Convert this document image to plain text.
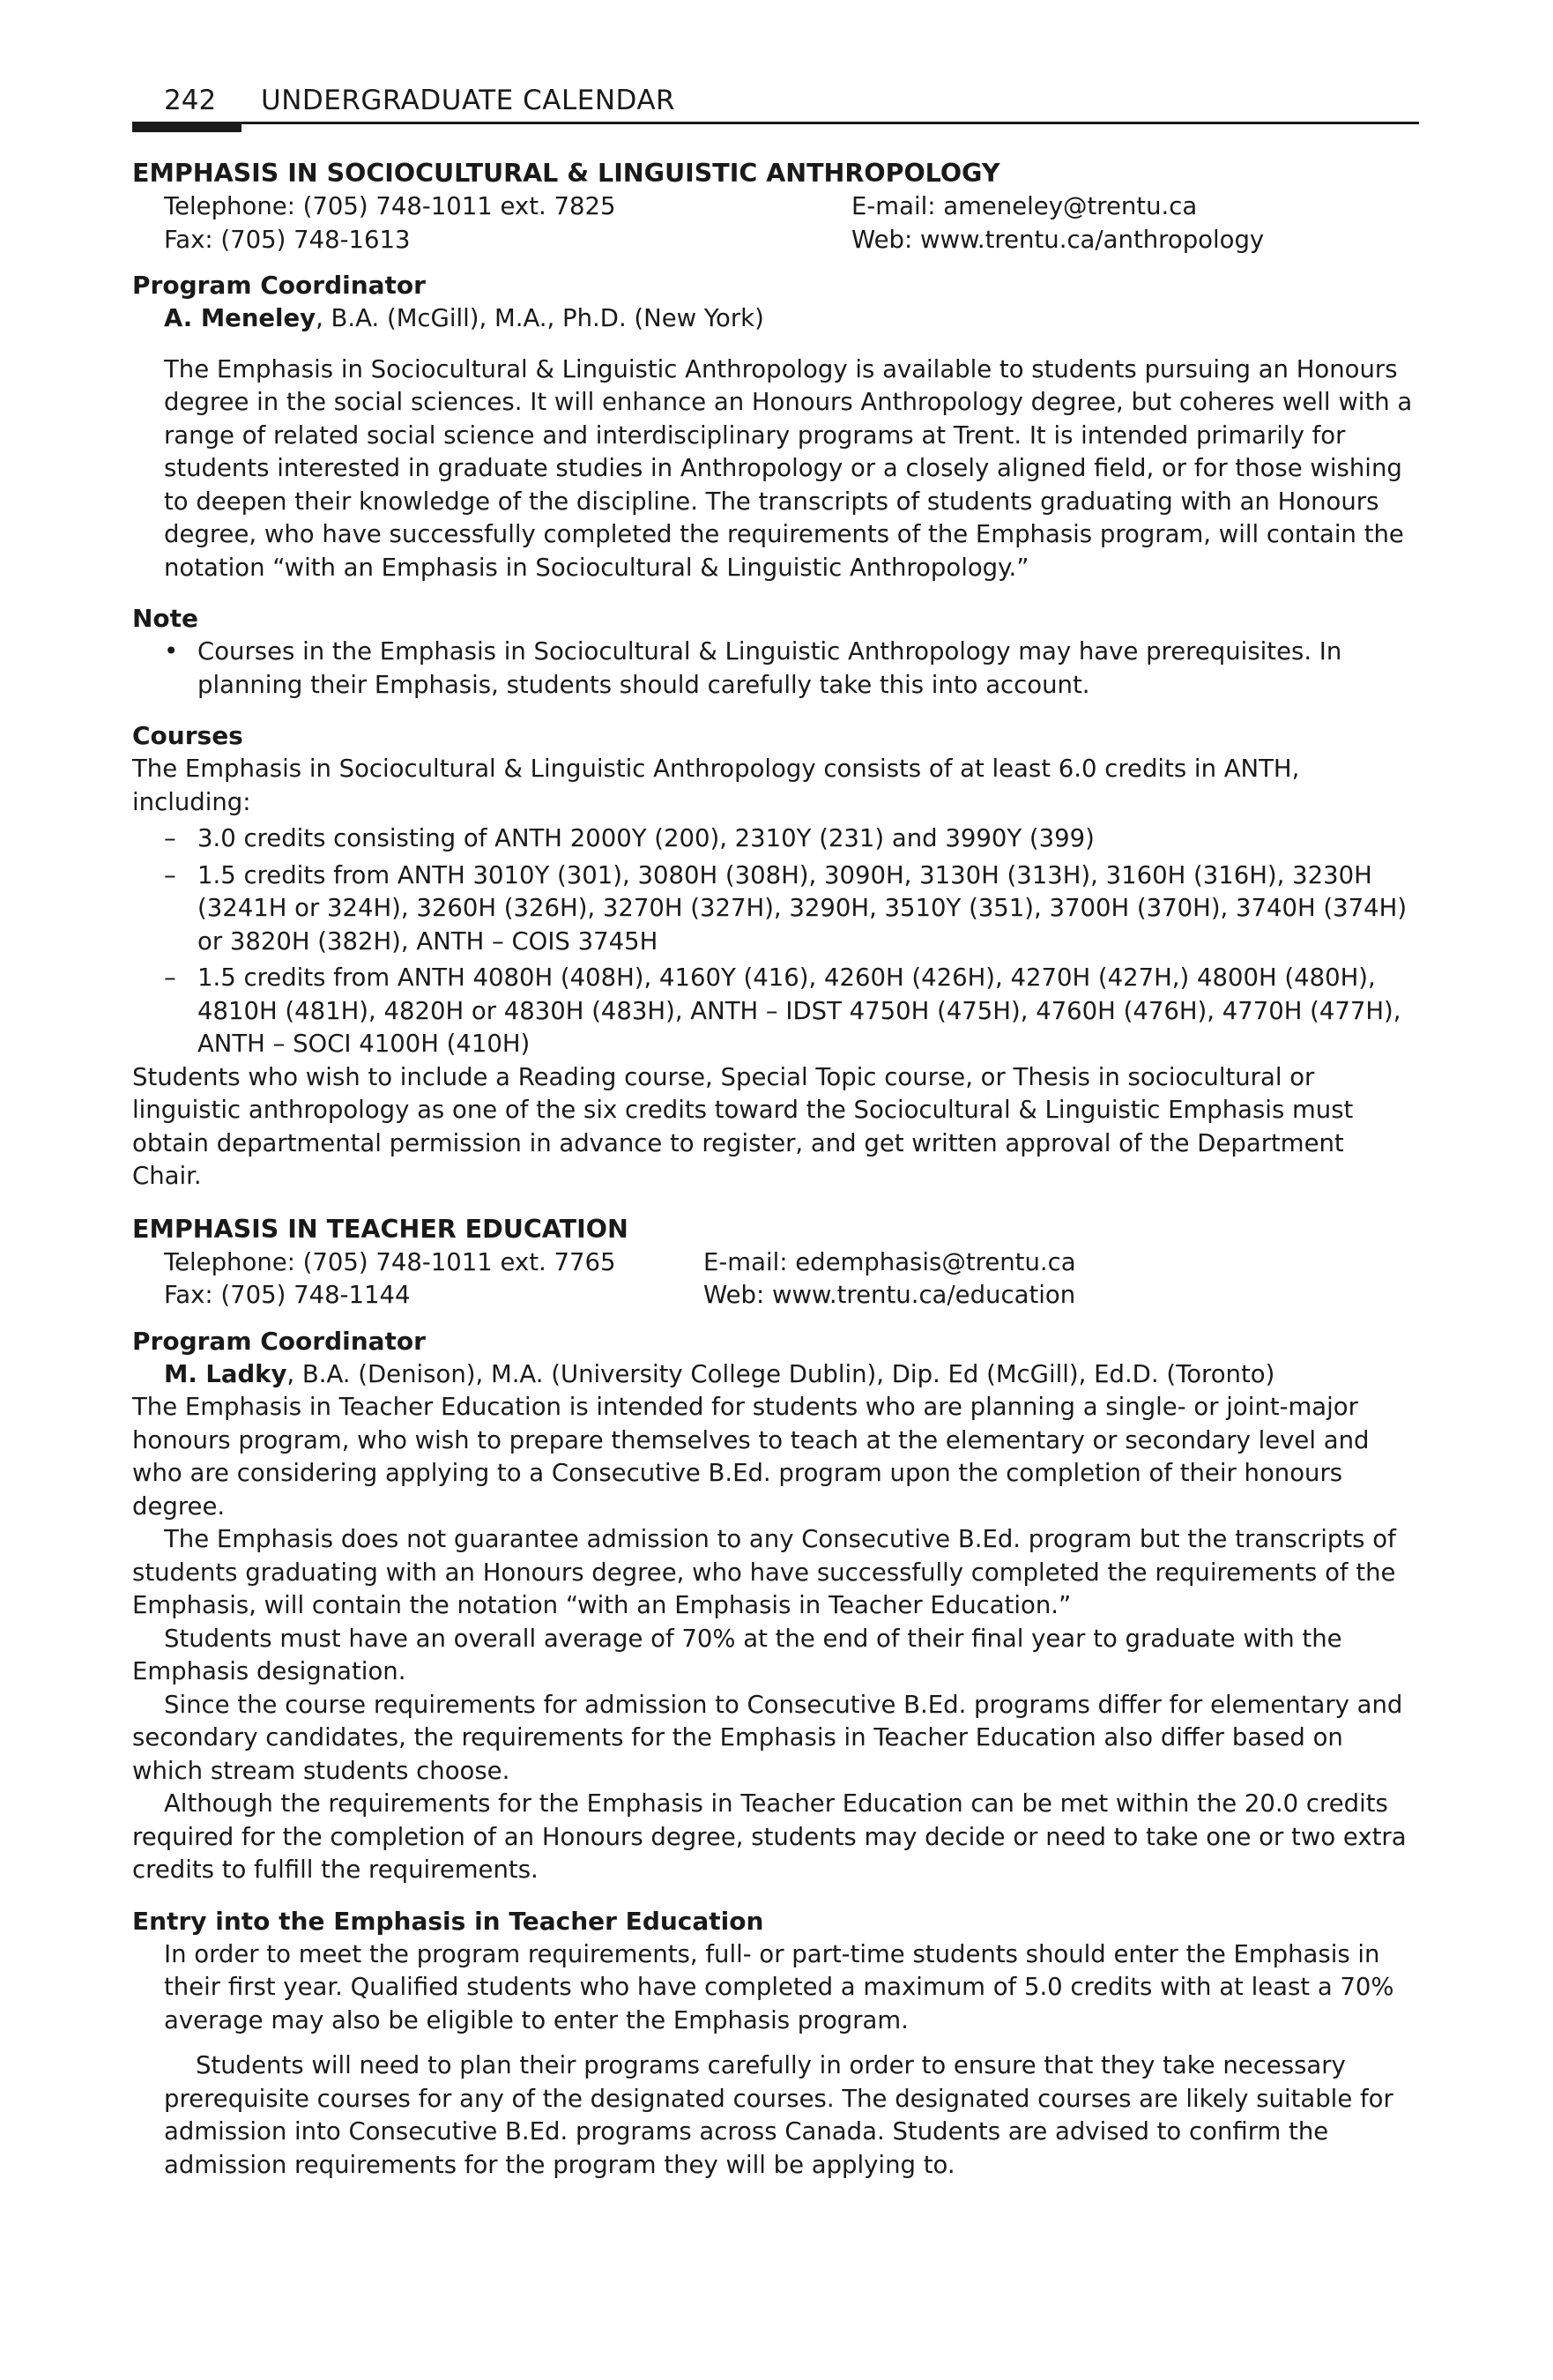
242 UNDERGRADUATE CALENDAR
EMPHASIS IN SOCIOCULTURAL & LINGUISTIC ANTHROPOLOGY
Telephone: (705) 748-1011 ext. 7825	E-mail: ameneley@trentu.ca
Fax: (705) 748-1613	Web: www.trentu.ca/anthropology
Program Coordinator

A. Meneley, B.A. (McGill), M.A., Ph.D. (New York)

The Emphasis in Sociocultural & Linguistic Anthropology is available to students pursuing an Honours degree in the social sciences. It will enhance an Honours Anthropology degree, but coheres well with a range of related social science and interdisciplinary programs at Trent. It is intended primarily for students interested in graduate studies in Anthropology or a closely aligned field, or for those wishing to deepen their knowledge of the discipline. The transcripts of students graduating with an Honours degree, who have successfully completed the requirements of the Emphasis program, will contain the notation “with an Emphasis in Sociocultural & Linguistic Anthropology.”

Note
• Courses in the Emphasis in Sociocultural & Linguistic Anthropology may have prerequisites. In planning their Emphasis, students should carefully take this into account.
Courses

The Emphasis in Sociocultural & Linguistic Anthropology consists of at least 6.0 credits in ANTH, including:

– 3.0 credits consisting of ANTH 2000Y (200), 2310Y (231) and 3990Y (399)
– 1.5 credits from ANTH 3010Y (301), 3080H (308H), 3090H, 3130H (313H), 3160H (316H), 3230H (3241H or 324H), 3260H (326H), 3270H (327H), 3290H, 3510Y (351), 3700H (370H), 3740H (374H) or 3820H (382H), ANTH – COIS 3745H
– 1.5 credits from ANTH 4080H (408H), 4160Y (416), 4260H (426H), 4270H (427H,) 4800H (480H), 4810H (481H), 4820H or 4830H (483H), ANTH – IDST 4750H (475H), 4760H (476H), 4770H (477H), ANTH – SOCI 4100H (410H)

Students who wish to include a Reading course, Special Topic course, or Thesis in sociocultural or linguistic anthropology as one of the six credits toward the Sociocultural & Linguistic Emphasis must obtain departmental permission in advance to register, and get written approval of the Department Chair.

EMPHASIS IN TEACHER EDUCATION
Telephone: (705) 748-1011 ext. 7765	E-mail: edemphasis@trentu.ca
Fax: (705) 748-1144	Web: www.trentu.ca/education
Program Coordinator

M. Ladky, B.A. (Denison), M.A. (University College Dublin), Dip. Ed (McGill), Ed.D. (Toronto)

The Emphasis in Teacher Education is intended for students who are planning a single- or joint-major honours program, who wish to prepare themselves to teach at the elementary or secondary level and who are considering applying to a Consecutive B.Ed. program upon the completion of their honours degree.

The Emphasis does not guarantee admission to any Consecutive B.Ed. program but the transcripts of students graduating with an Honours degree, who have successfully completed the requirements of the Emphasis, will contain the notation “with an Emphasis in Teacher Education.”

Students must have an overall average of 70% at the end of their final year to graduate with the Emphasis designation.

Since the course requirements for admission to Consecutive B.Ed. programs differ for elementary and secondary candidates, the requirements for the Emphasis in Teacher Education also differ based on which stream students choose.

Although the requirements for the Emphasis in Teacher Education can be met within the 20.0 credits required for the completion of an Honours degree, students may decide or need to take one or two extra credits to fulfill the requirements.

Entry into the Emphasis in Teacher Education

In order to meet the program requirements, full- or part-time students should enter the Emphasis in their first year. Qualified students who have completed a maximum of 5.0 credits with at least a 70% average may also be eligible to enter the Emphasis program.

Students will need to plan their programs carefully in order to ensure that they take necessary prerequisite courses for any of the designated courses. The designated courses are likely suitable for admission into Consecutive B.Ed. programs across Canada. Students are advised to confirm the admission requirements for the program they will be applying to.
